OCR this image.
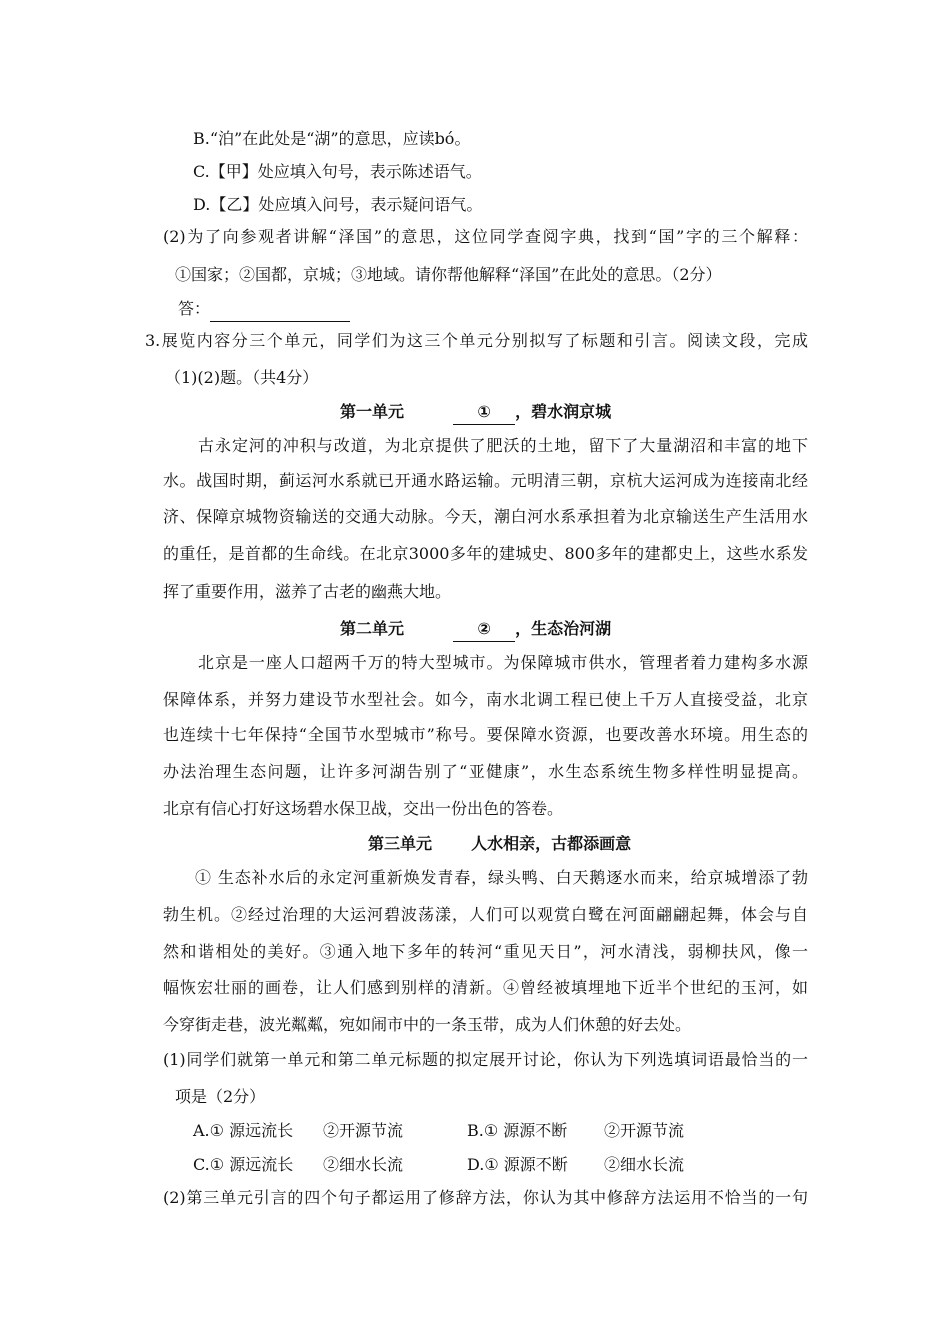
B.“泊”在此处是“湖”的意思，应读bó。
C.【甲】处应填入句号，表示陈述语气。
D.【乙】处应填入问号，表示疑问语气。
(2)为了向参观者讲解“泽国”的意思，这位同学查阅字典，找到“国”字的三个解释：
①国家；②国都，京城；③地域。请你帮他解释“泽国”在此处的意思。（2分）
答：
3.展览内容分三个单元，同学们为这三个单元分别拟写了标题和引言。阅读文段，完成
（1)(2)题。（共4分）
第一单元	① ，碧水润京城
古永定河的冲积与改道，为北京提供了肥沃的土地，留下了大量湖沼和丰富的地下
水。战国时期，蓟运河水系就已开通水路运输。元明清三朝，京杭大运河成为连接南北经
济、保障京城物资输送的交通大动脉。今天，潮白河水系承担着为北京输送生产生活用水
的重任，是首都的生命线。在北京3000多年的建城史、800多年的建都史上，这些水系发
挥了重要作用，滋养了古老的幽燕大地。
第二单元	② ，生态治河湖
北京是一座人口超两千万的特大型城市。为保障城市供水，管理者着力建构多水源
保障体系，并努力建设节水型社会。如今，南水北调工程已使上千万人直接受益，北京
也连续十七年保持“全国节水型城市”称号。要保障水资源，也要改善水环境。用生态的
办法治理生态问题，让许多河湖告别了“亚健康”，水生态系统生物多样性明显提高。
北京有信心打好这场碧水保卫战，交出一份出色的答卷。
第三单元 人水相亲，古都添画意
① 生态补水后的永定河重新焕发青春，绿头鸭、白天鹅逐水而来，给京城增添了勃
勃生机。②经过治理的大运河碧波荡漾，人们可以观赏白鹭在河面翩翩起舞，体会与自
然和谐相处的美好。③通入地下多年的转河“重见天日”，河水清浅，弱柳扶风，像一
幅恢宏壮丽的画卷，让人们感到别样的清新。④曾经被填埋地下近半个世纪的玉河，如
今穿街走巷，波光粼粼，宛如闹市中的一条玉带，成为人们休憩的好去处。
(1)同学们就第一单元和第二单元标题的拟定展开讨论，你认为下列选填词语最恰当的一
项是（2分）
A.① 源远流长 ②开源节流	B.① 源源不断 ②开源节流
C.① 源远流长 ②细水长流	D.① 源源不断 ②细水长流
(2)第三单元引言的四个句子都运用了修辞方法，你认为其中修辞方法运用不恰当的一句
